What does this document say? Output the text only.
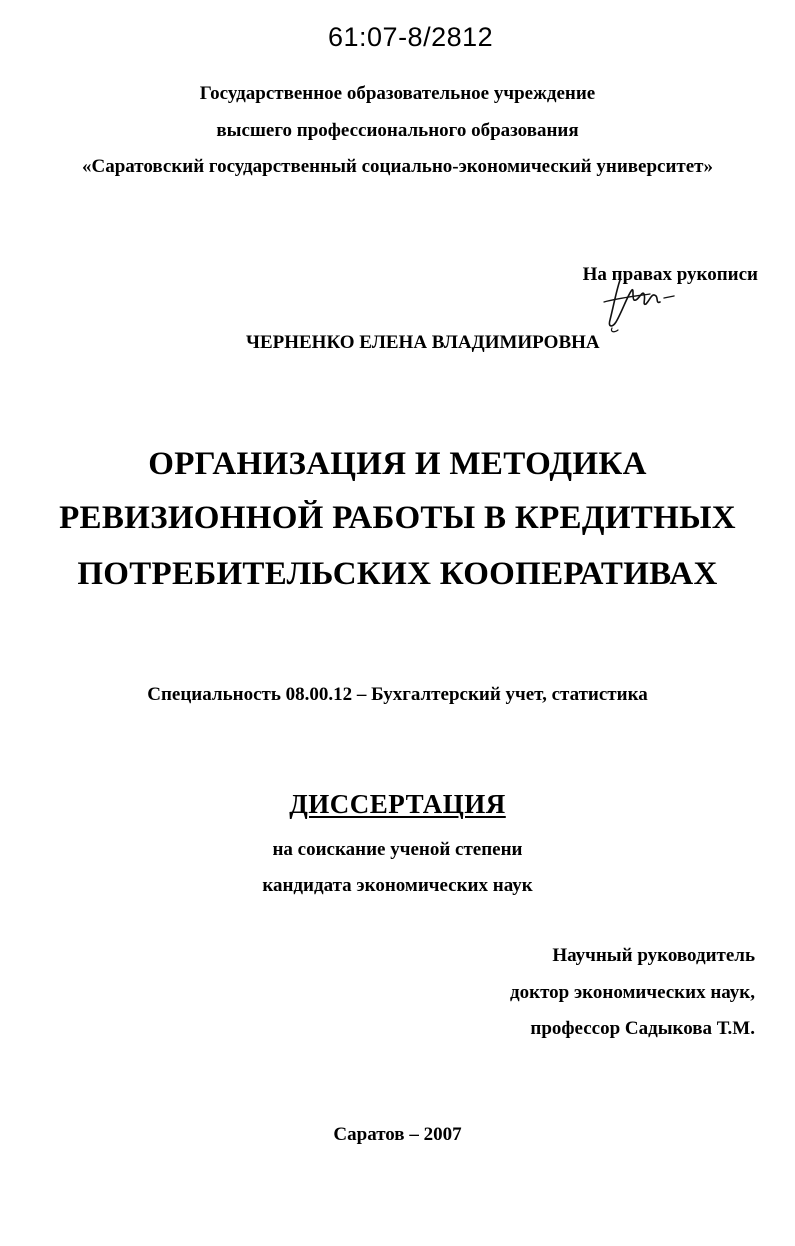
61:07-8/2812
Государственное образовательное учреждение
высшего профессионального образования
«Саратовский государственный социально-экономический университет»
На правах рукописи
ЧЕРНЕНКО ЕЛЕНА ВЛАДИМИРОВНА
ОРГАНИЗАЦИЯ И МЕТОДИКА
РЕВИЗИОННОЙ РАБОТЫ В КРЕДИТНЫХ
ПОТРЕБИТЕЛЬСКИХ КООПЕРАТИВАХ
Специальность 08.00.12 – Бухгалтерский учет, статистика
ДИССЕРТАЦИЯ
на соискание ученой степени
кандидата экономических наук
Научный руководитель
доктор экономических наук,
профессор Садыкова Т.М.
Саратов – 2007
